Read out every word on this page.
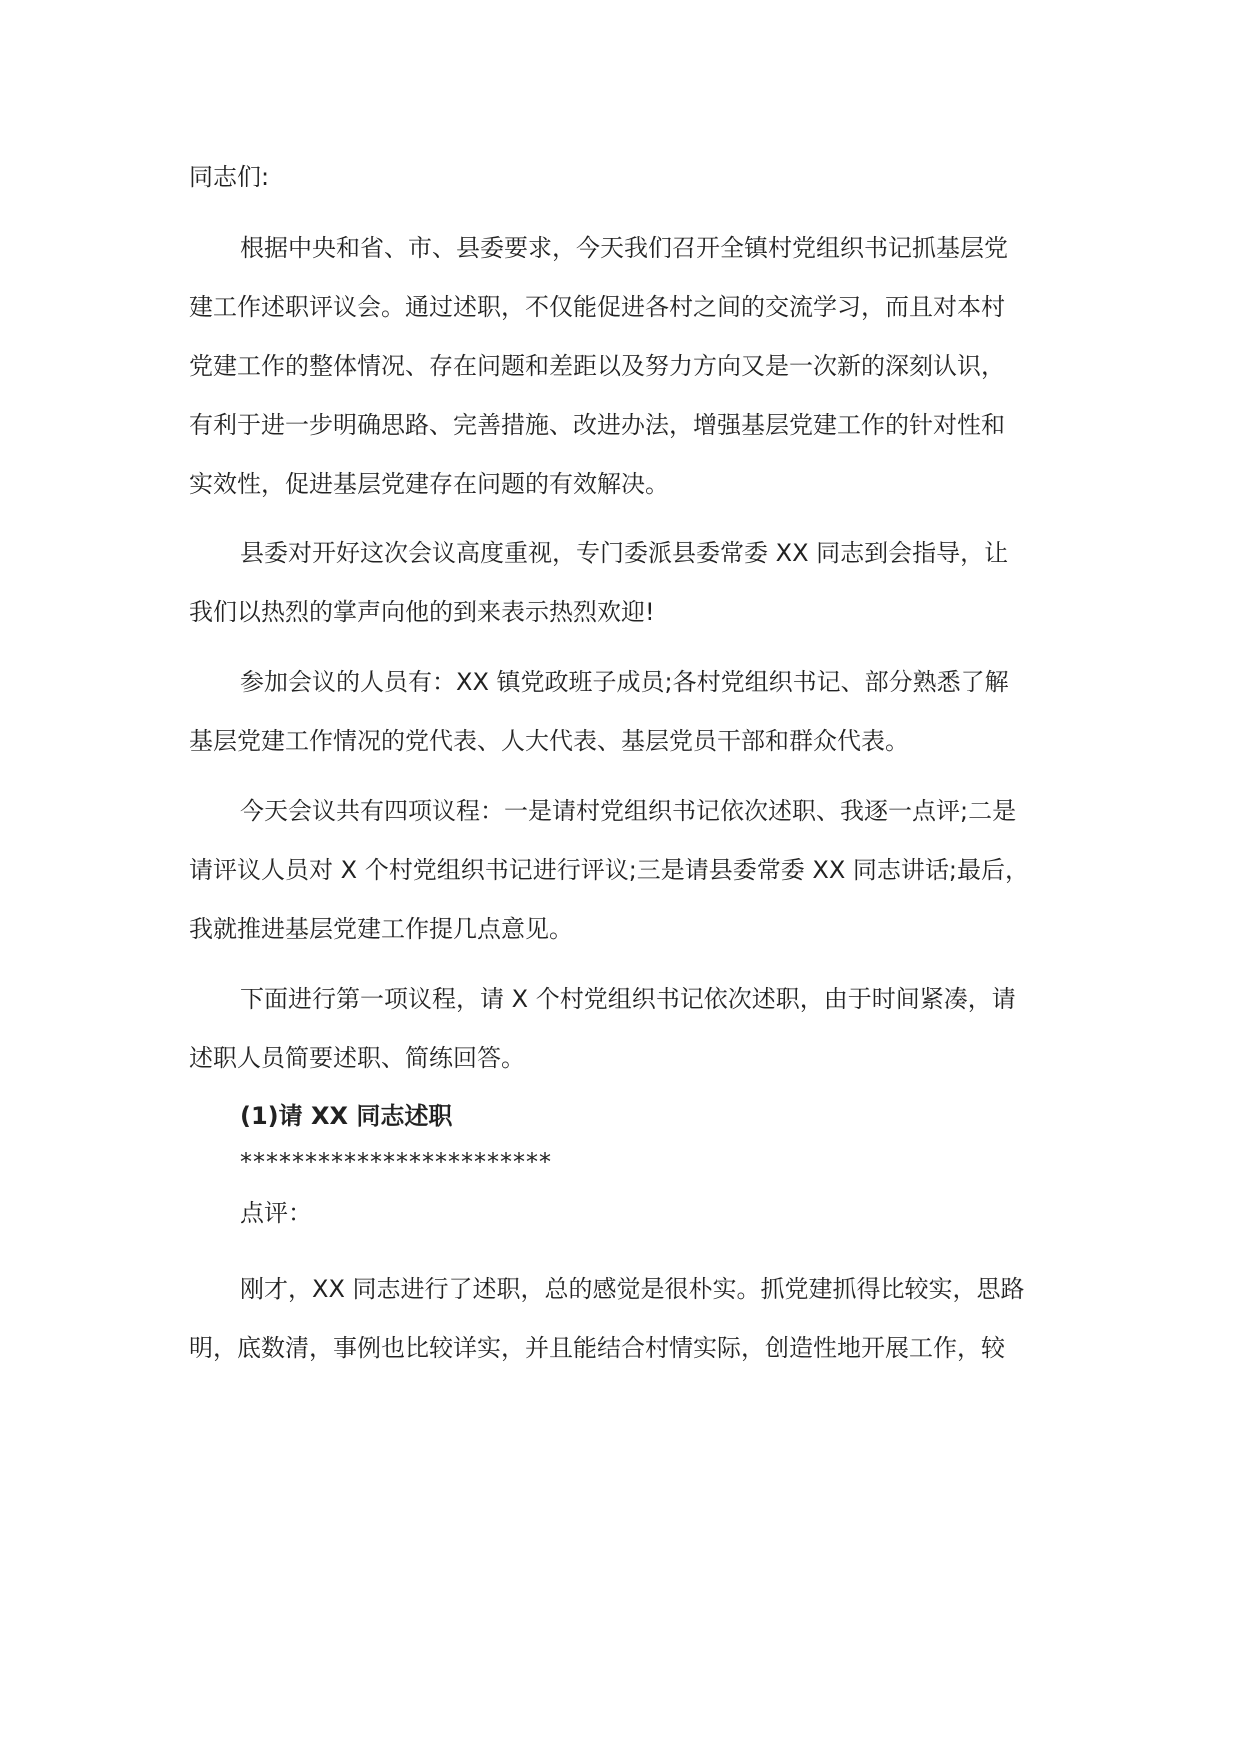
同志们:
根据中央和省、市、县委要求，今天我们召开全镇村党组织书记抓基层党
建工作述职评议会。通过述职，不仅能促进各村之间的交流学习，而且对本村
党建工作的整体情况、存在问题和差距以及努力方向又是一次新的深刻认识，
有利于进一步明确思路、完善措施、改进办法，增强基层党建工作的针对性和
实效性，促进基层党建存在问题的有效解决。
县委对开好这次会议高度重视，专门委派县委常委 XX 同志到会指导，让
我们以热烈的掌声向他的到来表示热烈欢迎!
参加会议的人员有：XX 镇党政班子成员;各村党组织书记、部分熟悉了解
基层党建工作情况的党代表、人大代表、基层党员干部和群众代表。
今天会议共有四项议程：一是请村党组织书记依次述职、我逐一点评;二是
请评议人员对 X 个村党组织书记进行评议;三是请县委常委 XX 同志讲话;最后，
我就推进基层党建工作提几点意见。
下面进行第一项议程，请 X 个村党组织书记依次述职，由于时间紧凑，请
述职人员简要述职、简练回答。
(1)请 XX 同志述职
************************
点评：
刚才，XX 同志进行了述职，总的感觉是很朴实。抓党建抓得比较实，思路
明，底数清，事例也比较详实，并且能结合村情实际，创造性地开展工作，较
